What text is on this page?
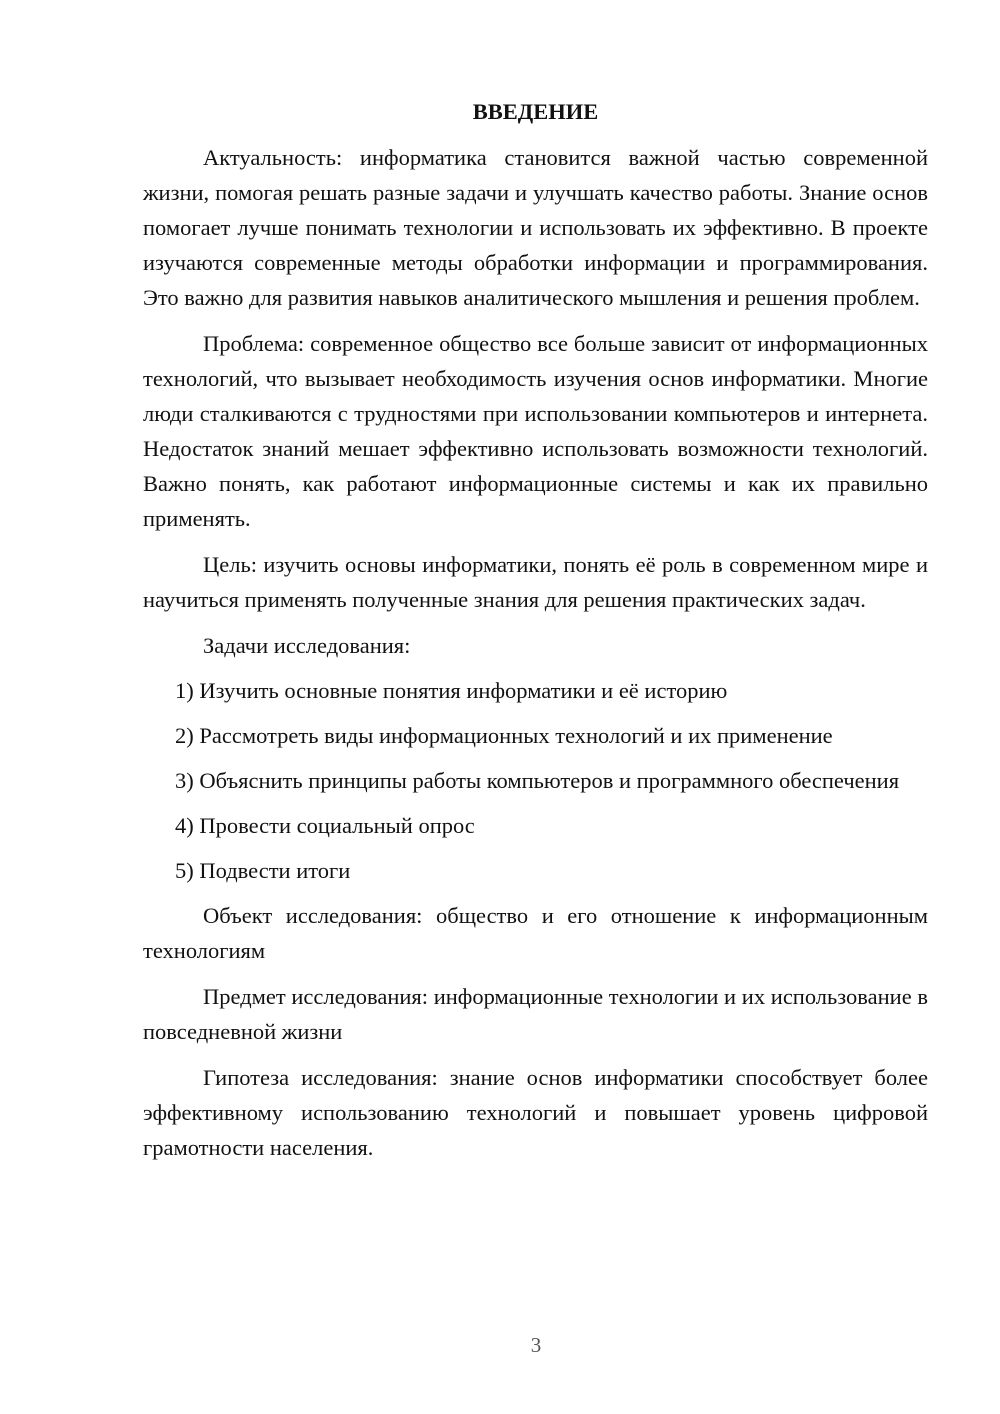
ВВЕДЕНИЕ

Актуальность: информатика становится важной частью современной жизни, помогая решать разные задачи и улучшать качество работы. Знание основ помогает лучше понимать технологии и использовать их эффективно. В проекте изучаются современные методы обработки информации и программирования. Это важно для развития навыков аналитического мышления и решения проблем.

Проблема: современное общество все больше зависит от информационных технологий, что вызывает необходимость изучения основ информатики. Многие люди сталкиваются с трудностями при использовании компьютеров и интернета. Недостаток знаний мешает эффективно использовать возможности технологий. Важно понять, как работают информационные системы и как их правильно применять.

Цель: изучить основы информатики, понять её роль в современном мире и научиться применять полученные знания для решения практических задач.

Задачи исследования:

1) Изучить основные понятия информатики и её историю

2) Рассмотреть виды информационных технологий и их применение

3) Объяснить принципы работы компьютеров и программного обеспечения

4) Провести социальный опрос

5) Подвести итоги

Объект исследования: общество и его отношение к информационным технологиям

Предмет исследования: информационные технологии и их использование в повседневной жизни

Гипотеза исследования: знание основ информатики способствует более эффективному использованию технологий и повышает уровень цифровой грамотности населения.

3
